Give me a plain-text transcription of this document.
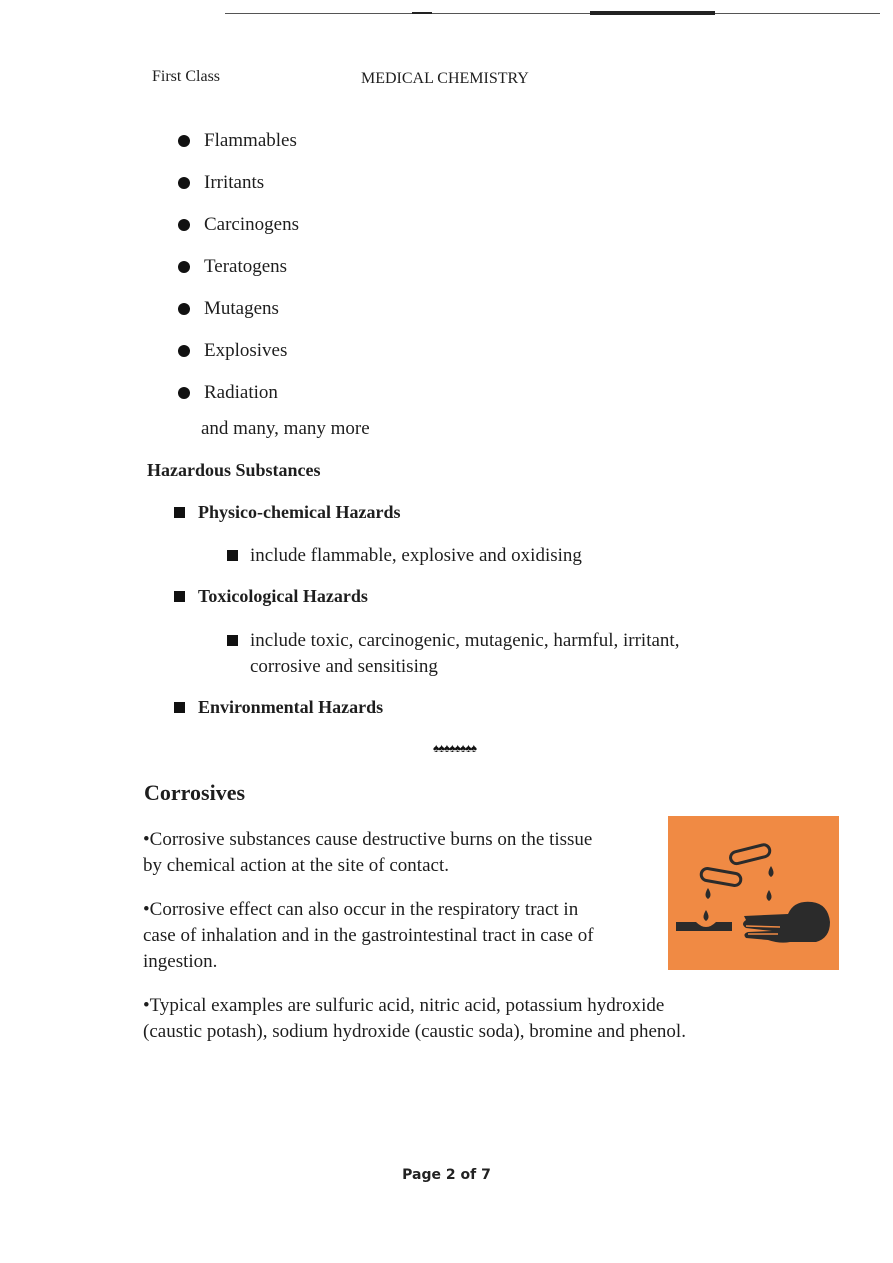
First Class	MEDICAL CHEMISTRY
Flammables
Irritants
Carcinogens
Teratogens
Mutagens
Explosives
Radiation
and many, many more
Hazardous Substances
Physico-chemical Hazards
include flammable, explosive and oxidising
Toxicological Hazards
include toxic, carcinogenic, mutagenic, harmful, irritant,
corrosive and sensitising
Environmental Hazards
♠♠♠♠♠♠♠♠
Corrosives

•Corrosive substances cause destructive burns on the tissue
by chemical action at the site of contact.

•Corrosive effect can also occur in the respiratory tract in
case of inhalation and in the gastrointestinal tract in case of
ingestion.

•Typical examples are sulfuric acid, nitric acid, potassium hydroxide
(caustic potash), sodium hydroxide (caustic soda), bromine and phenol.

Page 2 of 7
